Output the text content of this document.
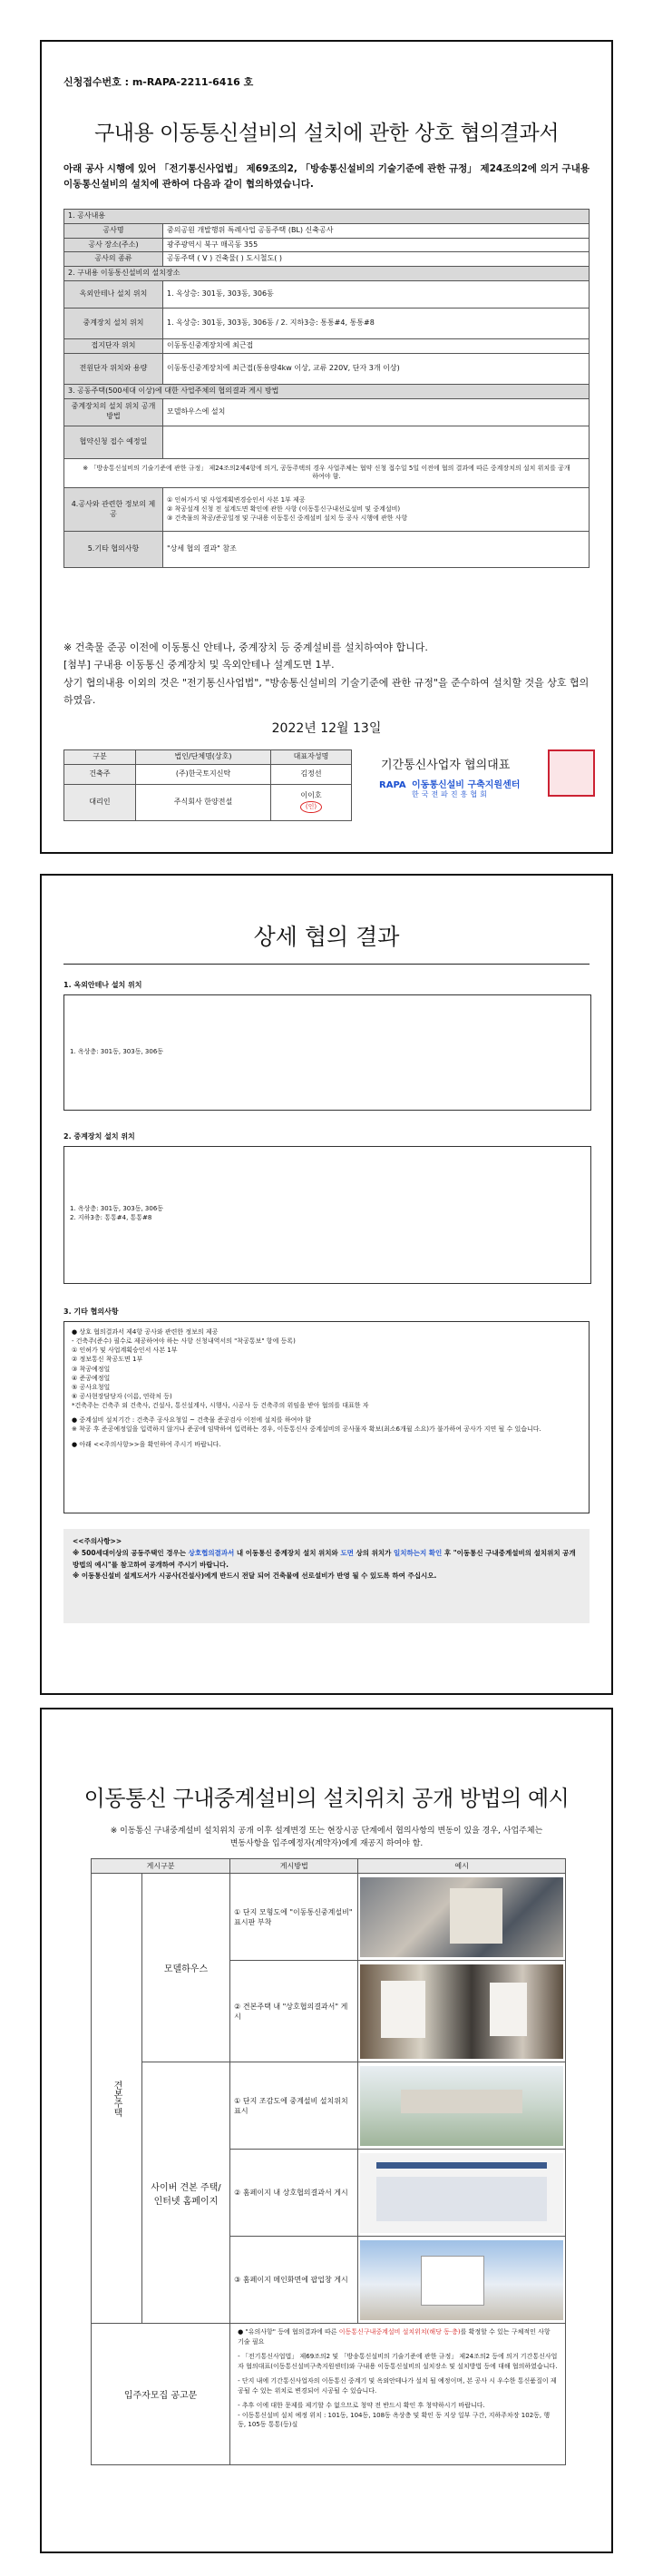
신청접수번호 : m-RAPA-2211-6416 호
구내용 이동통신설비의 설치에 관한 상호 협의결과서
아래 공사 시행에 있어 「전기통신사업법」 제69조의2, 「방송통신설비의 기술기준에 관한 규정」 제24조의2에 의거 구내용 이동통신설비의 설치에 관하여 다음과 같이 협의하였습니다.
1. 공사내용	
공사명	중의공원 개발행위 특례사업 공동주택 (BL) 신축공사
공사 장소(주소)	광주광역시 북구 매곡동 355
공사의 종류	공동주택 ( V ) 건축물( ) 도시철도( )
2. 구내용 이동통신설비의 설치장소	
옥외안테나 설치 위치	1. 옥상층: 301동, 303동, 306동
중계장치 설치 위치	1. 옥상층: 301동, 303동, 306동 / 2. 지하3층: 통통#4, 통통#8
접지단자 위치	이동통신중계장치에 최근접
전원단자 위치와 용량	이동통신중계장치에 최근접(통용량4kw 이상, 교류 220V, 단자 3개 이상)
3. 공동주택(500세대 이상)에 대한 사업주체의 협의결과 게시 방법	
중계장치의 설치 위치 공개방법	모델하우스에 설치
협약신청 접수 예정일	
※ 「방송통신설비의 기술기준에 관한 규정」 제24조의2제4항에 의거, 공동주택의 경우 사업주체는 협약 신청 접수일 5일 이전에 협의 결과에 따른 중계장치의 설치 위치를 공개하여야 함.	
4.공사와 관련한 정보의 제공	① 인허가서 및 사업계획변경승인서 사본 1부 제공
② 착공설계 신청 전 설계도면 확인에 관한 사항 (이동통신구내선로설비 및 중계설비)
③ 건축물의 착공/준공일정 및 구내용 이동통신 중계설비 설치 등 공사 시행에 관한 사항

5.기타 협의사항	"상세 협의 결과" 참조
※ 건축물 준공 이전에 이동통신 안테나, 중계장치 등 중계설비를 설치하여야 합니다.
[첨부] 구내용 이동통신 중계장치 및 옥외안테나 설계도면 1부.
상기 협의내용 이외의 것은 "전기통신사업법", "방송통신설비의 기술기준에 관한 규정"을 준수하여 설치할 것을 상호 협의하였음.
2022년 12월 13일
구분	법인/단체명(상호)	대표자성명
건축주	(주)한국토지신탁	김정선
대리인	주식회사 한양전설	이이호
(인)
기간통신사업자 협의대표
RAPA 이동통신설비 구축지원센터
한국전파진흥협회
상세 협의 결과
1. 옥외안테나 설치 위치
1. 옥상층: 301동, 303동, 306동
2. 중계장치 설치 위치
1. 옥상층: 301동, 303동, 306동
2. 지하3층: 통통#4, 통통#8
3. 기타 협의사항
● 상호 협의결과서 제4항 공사와 관련한 정보의 제공
- 건축주(준수) 필수로 제공하여야 하는 사항 신청내역서의 "착공통보" 항에 등록)
① 인허가 및 사업계획승인서 사본 1부
② 정보통신 착공도면 1부
③ 착공예정일
④ 준공예정일
⑤ 공사요청일
⑥ 공사현장담당자 (이름, 연락처 등)
*건축주는 건축주 외 건축사, 건설사, 통신설계사, 시행사, 시공사 등 건축주의 위임을 받아 협의를 대표한 자
● 중계설비 설치기간 : 건축주 공사요청일 ~ 건축물 준공검사 이전에 설치를 하여야 함
※ 착공 후 준공예정일을 입력하지 않거나 준공에 임박하여 입력하는 경우, 이동통신사 중계설비의 공사물자 확보(최소6개월 소요)가 불가하여 공사가 지연 될 수 있습니다.
● 아래 <<주의사항>>을 확인하여 주시기 바랍니다.
<<주의사항>>
※ 500세대이상의 공동주택인 경우는 상호협의결과서 내 이동통신 중계장치 설치 위치와 도면 상의 위치가 일치하는지 확인 후 "이동통신 구내중계설비의 설치위치 공개 방법의 예시"를 참고하여 공개하여 주시기 바랍니다.
※ 이동통신설비 설계도서가 시공사(건설사)에게 반드시 전달 되어 건축물에 선로설비가 반영 될 수 있도록 하여 주십시오.
이동통신 구내중계설비의 설치위치 공개 방법의 예시
※ 이동통신 구내중계설비 설치위치 공개 이후 설계변경 또는 현장시공 단계에서 협의사항의 변동이 있을 경우, 사업주체는 변동사항을 입주예정자(계약자)에게 재공지 하여야 함.
게시구분		게시방법	예시
견본주택	모델하우스	① 단지 모형도에 "이동통신중계설비" 표시판 부착	

		② 견본주택 내 "상호협의결과서" 게시	

	사이버 견본 주택/ 인터넷 홈페이지	① 단지 조감도에 중계설비 설치위치 표시	

		② 홈페이지 내 상호협의결과서 게시	

		③ 홈페이지 메인화면에 팝업창 게시	

입주자모집 공고문		● "유의사항" 등에 협의결과에 따른 이동통신구내중계설비 설치위치(해당 동·층)를 확정할 수 있는 구체적인 사항 기술 필요
- 「전기통신사업법」 제69조의2 및 「방송통신설비의 기술기준에 관한 규정」 제24조의2 등에 의거 기간통신사업자 협의대표(이동통신설비구축지원센터)와 구내용 이동통신설비의 설치장소 및 설치방법 등에 대해 협의하였습니다.
- 단지 내에 기간통신사업자의 이동통신 중계기 및 옥외안테나가 설치 될 예정이며, 본 공사 시 우수한 통신품질이 제공될 수 있는 위치로 변경되어 시공될 수 있습니다.
- 추후 이에 대한 문제를 제기할 수 없으므로 청약 전 반드시 확인 후 청약하시기 바랍니다.
- 이동통신설비 설치 예정 위치 : 101동, 104동, 108동 옥상층 및 확인 동 지상 일부 구간, 지하주차장 102동, 행동, 105동 통통(등)실	
